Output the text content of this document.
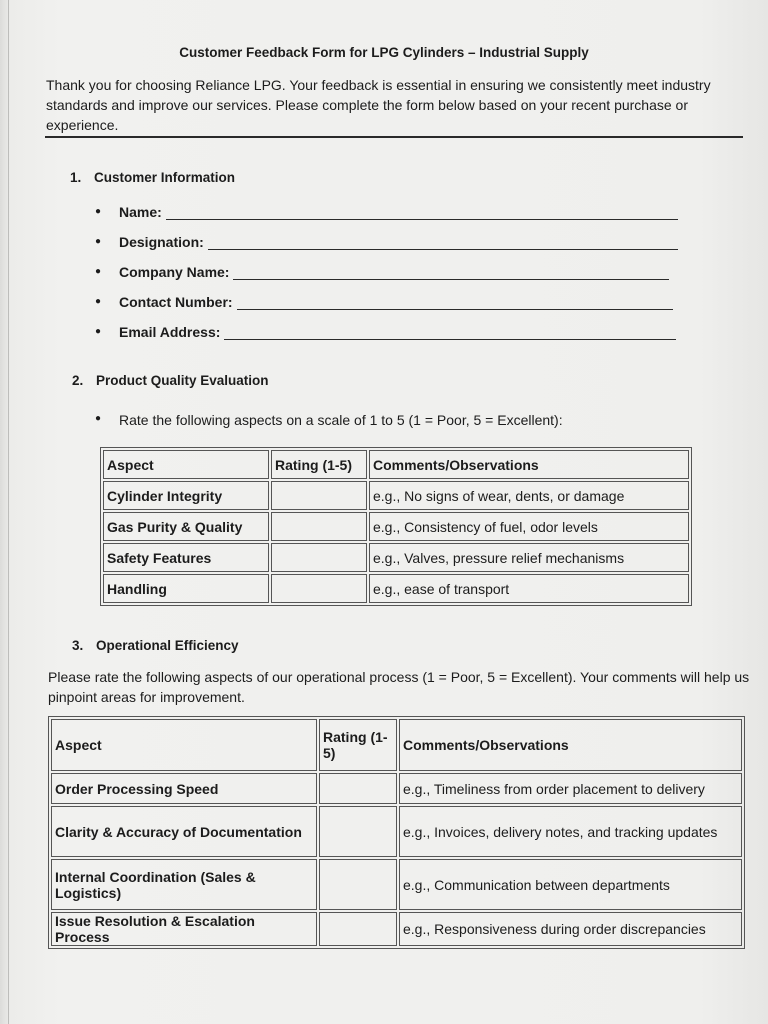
Customer Feedback Form for LPG Cylinders – Industrial Supply
Thank you for choosing Reliance LPG. Your feedback is essential in ensuring we consistently meet industry standards and improve our services. Please complete the form below based on your recent purchase or experience.
1. Customer Information
●	Name:
●	Designation:
●	Company Name:
●	Contact Number:
●	Email Address:
2. Product Quality Evaluation
●	Rate the following aspects on a scale of 1 to 5 (1 = Poor, 5 = Excellent):
Aspect	Rating (1-5)	Comments/Observations
Cylinder Integrity		e.g., No signs of wear, dents, or damage
Gas Purity & Quality		e.g., Consistency of fuel, odor levels
Safety Features		e.g., Valves, pressure relief mechanisms
Handling		e.g., ease of transport
3. Operational Efficiency
Please rate the following aspects of our operational process (1 = Poor, 5 = Excellent). Your comments will help us pinpoint areas for improvement.
Aspect	Rating (1-5)	Comments/Observations
Order Processing Speed		e.g., Timeliness from order placement to delivery
Clarity & Accuracy of Documentation		e.g., Invoices, delivery notes, and tracking updates
Internal Coordination (Sales & Logistics)		e.g., Communication between departments
Issue Resolution & Escalation Process		e.g., Responsiveness during order discrepancies
